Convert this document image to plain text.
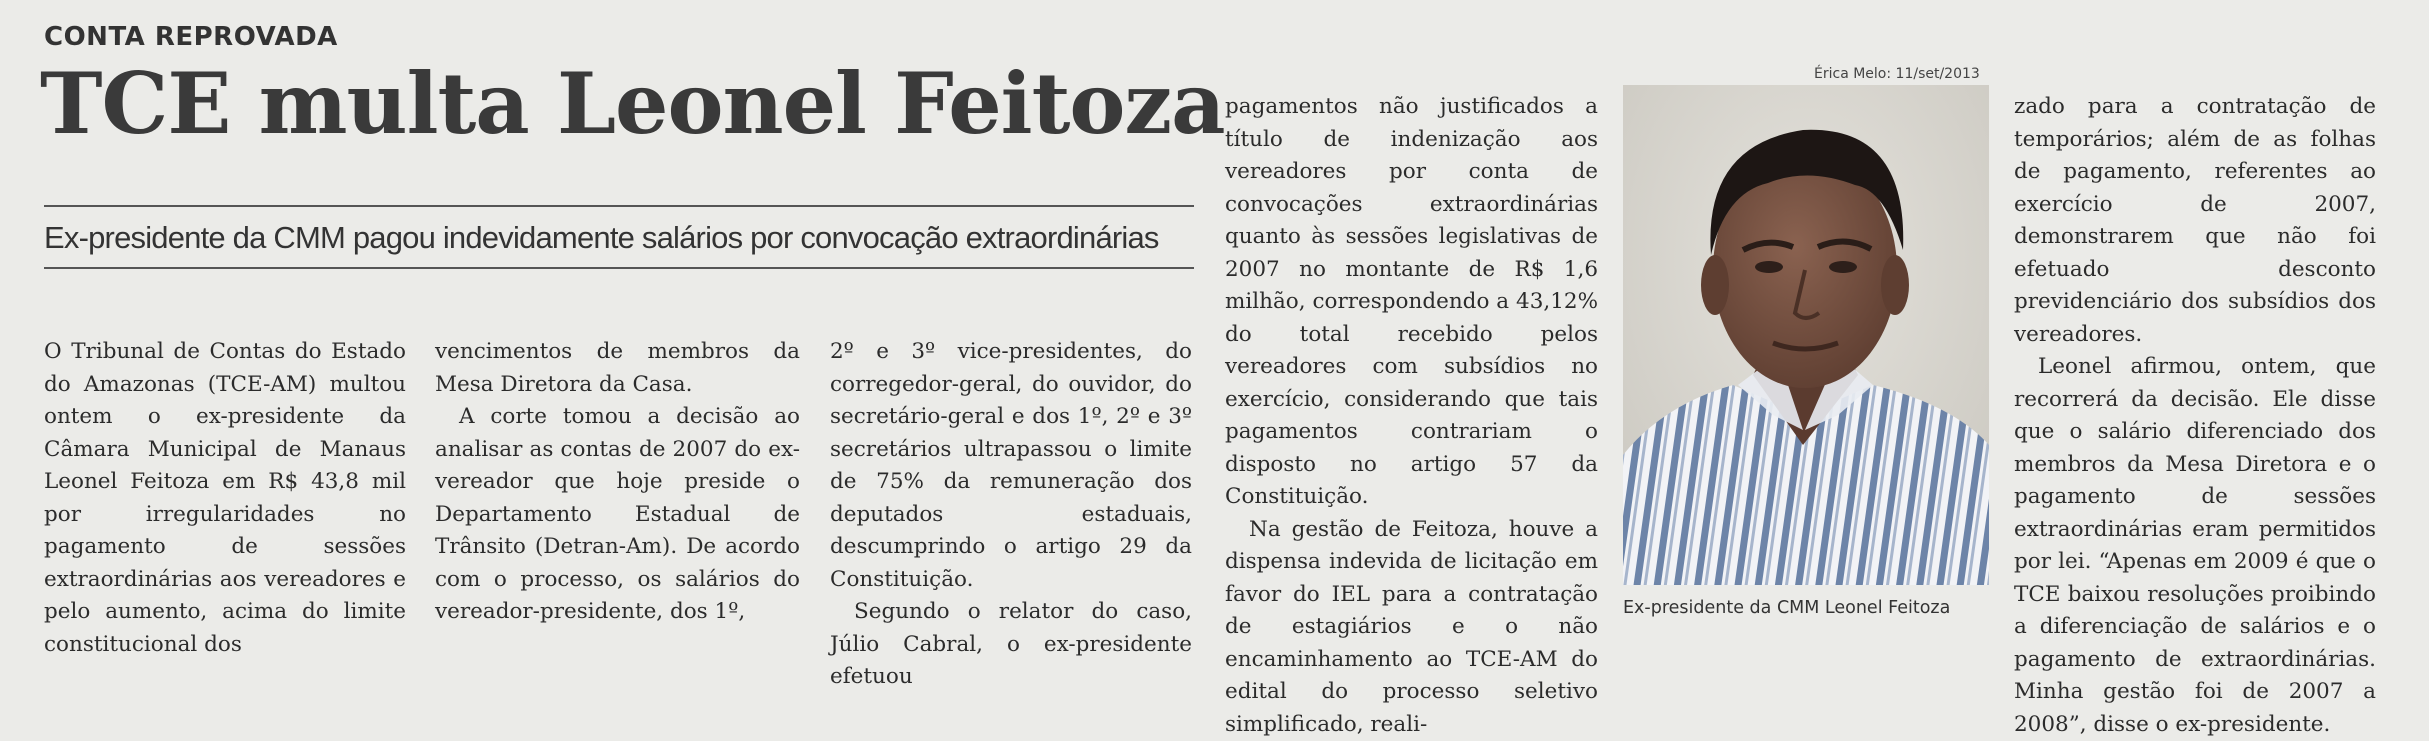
CONTA REPROVADA
TCE multa Leonel Feitoza
Ex-presidente da CMM pagou indevidamente salários por convocação extraordinárias

O Tribunal de Contas do Estado do Amazonas (TCE-AM) multou ontem o ex-presidente da Câmara Municipal de Manaus Leonel Feitoza em R$ 43,8 mil por irregularidades no pagamento de sessões extraordinárias aos vereadores e pelo aumento, acima do limite constitucional dos

vencimentos de membros da Mesa Diretora da Casa.

A corte tomou a decisão ao analisar as contas de 2007 do ex-vereador que hoje preside o Departamento Estadual de Trânsito (Detran-Am). De acordo com o processo, os salários do vereador-presidente, dos 1º,

2º e 3º vice-presidentes, do corregedor-geral, do ouvidor, do secretário-geral e dos 1º, 2º e 3º secretários ultrapassou o limite de 75% da remuneração dos deputados estaduais, descumprindo o artigo 29 da Constituição.

Segundo o relator do caso, Júlio Cabral, o ex-presidente efetuou

pagamentos não justificados a título de indenização aos vereadores por conta de convocações extraordinárias quanto às sessões legislativas de 2007 no montante de R$ 1,6 milhão, correspondendo a 43,12% do total recebido pelos vereadores com subsídios no exercício, considerando que tais pagamentos contrariam o disposto no artigo 57 da Constituição.

Na gestão de Feitoza, houve a dispensa indevida de licitação em favor do IEL para a contratação de estagiários e o não encaminhamento ao TCE-AM do edital do processo seletivo simplificado, reali-

zado para a contratação de temporários; além de as folhas de pagamento, referentes ao exercício de 2007, demonstrarem que não foi efetuado desconto previdenciário dos subsídios dos vereadores.

Leonel afirmou, ontem, que recorrerá da decisão. Ele disse que o salário diferenciado dos membros da Mesa Diretora e o pagamento de sessões extraordinárias eram permitidos por lei. “Apenas em 2009 é que o TCE baixou resoluções proibindo a diferenciação de salários e o pagamento de extraordinárias. Minha gestão foi de 2007 a 2008”, disse o ex-presidente.

Érica Melo: 11/set/2013
Ex-presidente da CMM Leonel Feitoza
